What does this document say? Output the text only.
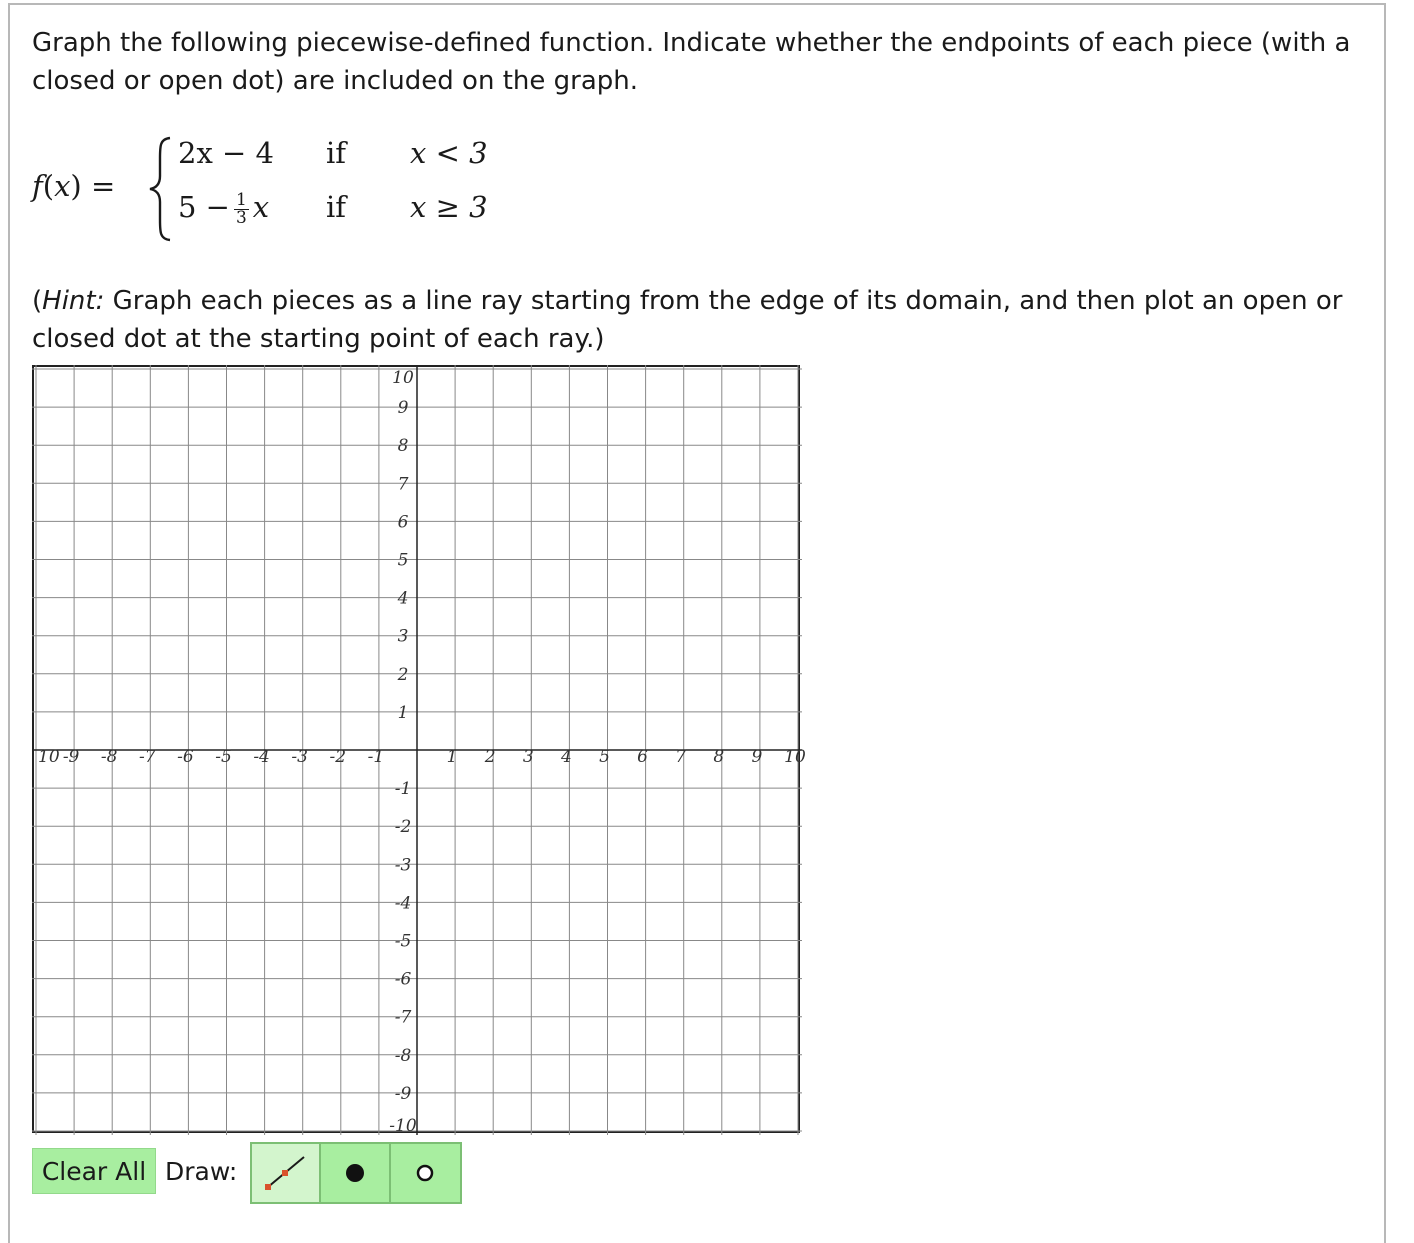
Graph the following piecewise-defined function. Indicate whether the endpoints of each piece (with a closed or open dot) are included on the graph.

f(x) =
2x − 4 if x < 3
$5 - \frac{1}{3}$ x if x ≥ 3

(Hint: Graph each pieces as a line ray starting from the edge of its domain, and then plot an open or closed dot at the starting point of each ray.)

10 -9 -8 -7 -6 -5 -4 -3 -2 -1	1 2 3 4 5 6 7 8 9 10
10
9
8
7
6
5
4
3
2
1
-1
-2
-3
-4
-5
-6
-7
-8
-9
-10
Clear All Draw:
